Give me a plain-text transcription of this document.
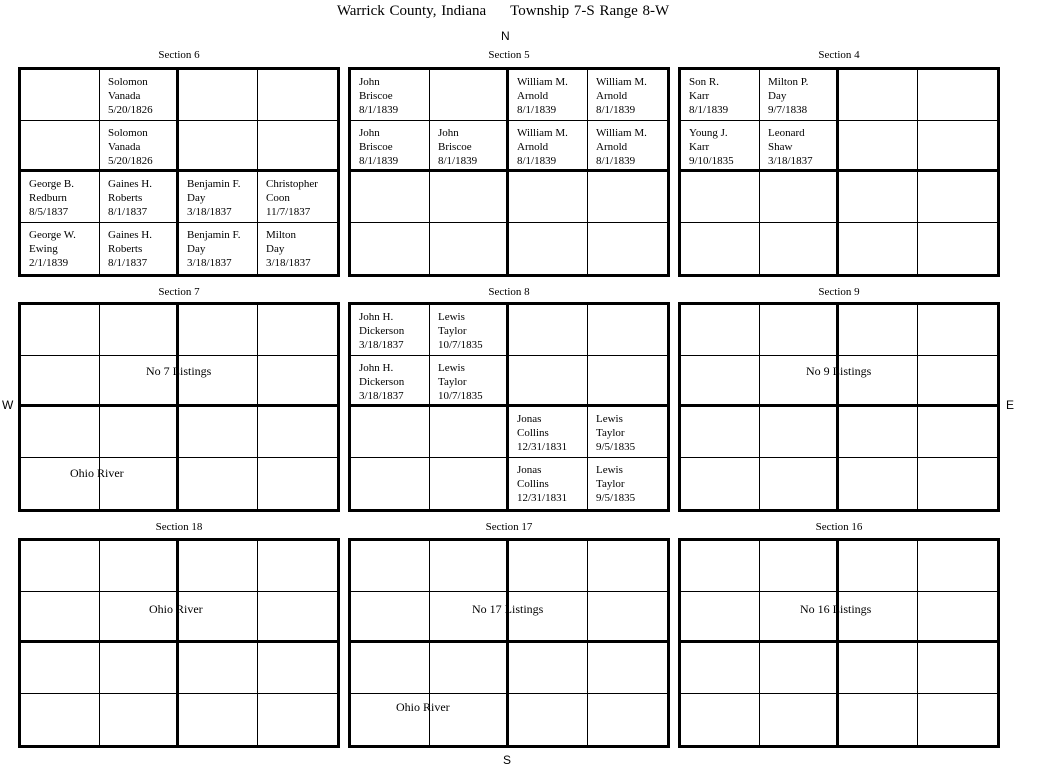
Warrick County, Indiana Township 7-S Range 8-W
N
S
W	E
Section 6
Solomon
Vanada
5/20/1826
Solomon
Vanada
5/20/1826
George B.
Redburn
8/5/1837
Gaines H.
Roberts
8/1/1837
Benjamin F.
Day
3/18/1837
Christopher
Coon
11/7/1837
George W.
Ewing
2/1/1839
Gaines H.
Roberts
8/1/1837
Benjamin F.
Day
3/18/1837
Milton
Day
3/18/1837
Section 5
John
Briscoe
8/1/1839
William M.
Arnold
8/1/1839
William M.
Arnold
8/1/1839
John
Briscoe
8/1/1839
John
Briscoe
8/1/1839
William M.
Arnold
8/1/1839
William M.
Arnold
8/1/1839
Section 4
Son R.
Karr
8/1/1839
Milton P.
Day
9/7/1838
Young J.
Karr
9/10/1835
Leonard
Shaw
3/18/1837
Section 7
No 7 Listings
Ohio River
Section 8
John H.
Dickerson
3/18/1837
Lewis
Taylor
10/7/1835
John H.
Dickerson
3/18/1837
Lewis
Taylor
10/7/1835
Jonas
Collins
12/31/1831
Lewis
Taylor
9/5/1835
Jonas
Collins
12/31/1831
Lewis
Taylor
9/5/1835
Section 9
No 9 Listings
Section 18
Ohio River
Section 17
No 17 Listings
Ohio River
Section 16
No 16 Listings
